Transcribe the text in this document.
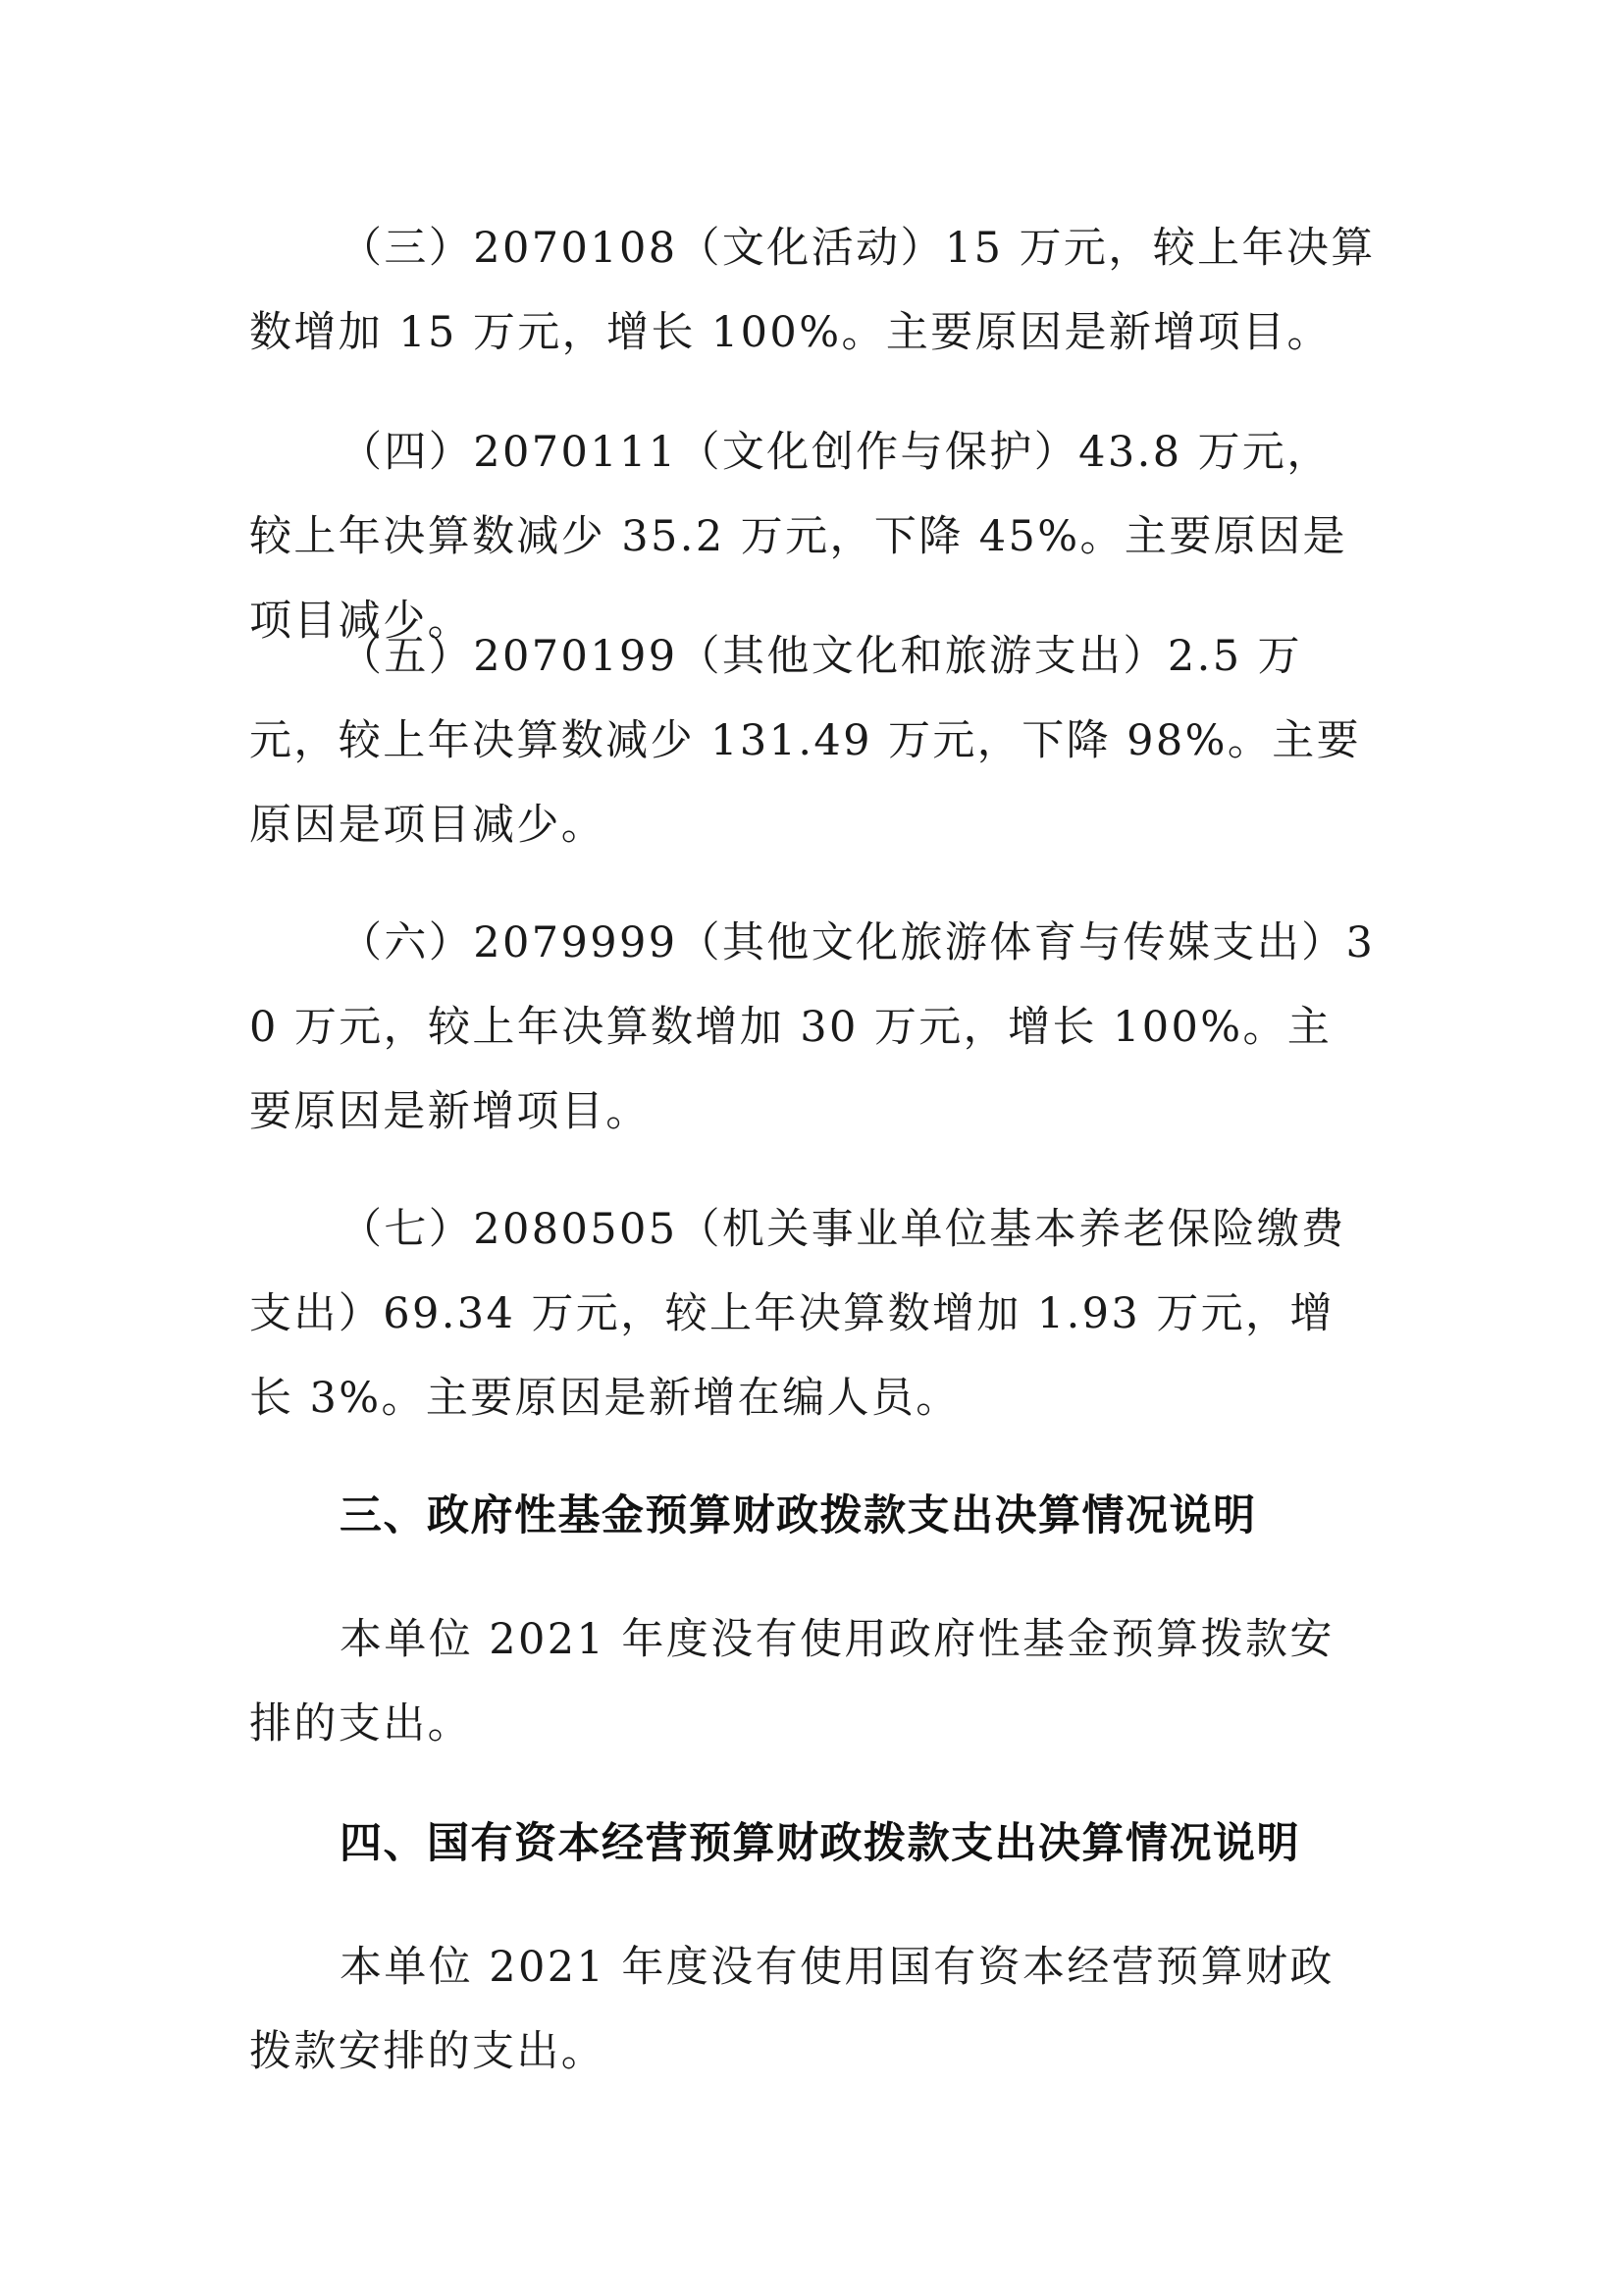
（三）2070108（文化活动）15 万元，较上年决算数增加 15 万元，增长 100%。主要原因是新增项目。

（四）2070111（文化创作与保护）43.8 万元，较上年决算数减少 35.2 万元，下降 45%。主要原因是项目减少。

（五）2070199（其他文化和旅游支出）2.5 万元，较上年决算数减少 131.49 万元，下降 98%。主要原因是项目减少。

（六）2079999（其他文化旅游体育与传媒支出）30 万元，较上年决算数增加 30 万元，增长 100%。主要原因是新增项目。

（七）2080505（机关事业单位基本养老保险缴费支出）69.34 万元，较上年决算数增加 1.93 万元，增长 3%。主要原因是新增在编人员。

三、政府性基金预算财政拨款支出决算情况说明

本单位 2021 年度没有使用政府性基金预算拨款安排的支出。

四、国有资本经营预算财政拨款支出决算情况说明

本单位 2021 年度没有使用国有资本经营预算财政拨款安排的支出。
